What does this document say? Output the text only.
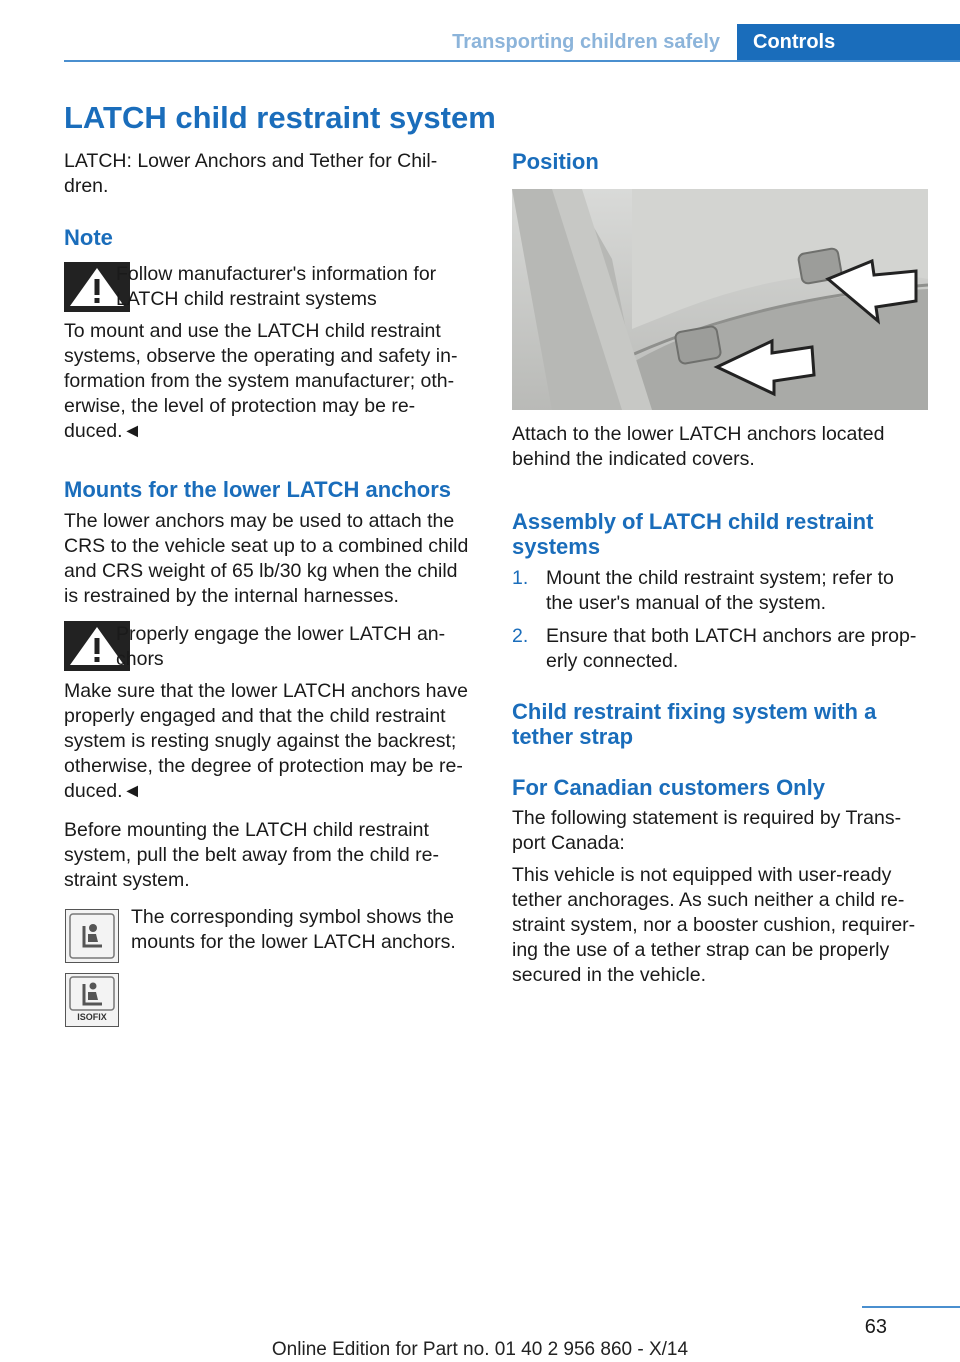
Transporting children safely Controls
LATCH child restraint system

LATCH: Lower Anchors and Tether for Chil-
dren.

Note

Follow manufacturer's information for
LATCH child restraint systems

To mount and use the LATCH child restraint
systems, observe the operating and safety in-
formation from the system manufacturer; oth-
erwise, the level of protection may be re-
duced.◄

Mounts for the lower LATCH anchors

The lower anchors may be used to attach the
CRS to the vehicle seat up to a combined child
and CRS weight of 65 lb/30 kg when the child
is restrained by the internal harnesses.

Properly engage the lower LATCH an-
chors

Make sure that the lower LATCH anchors have
properly engaged and that the child restraint
system is resting snugly against the backrest;
otherwise, the degree of protection may be re-
duced.◄

Before mounting the LATCH child restraint
system, pull the belt away from the child re-
straint system.

The corresponding symbol shows the
mounts for the lower LATCH anchors.

ISOFIX

Position

Attach to the lower LATCH anchors located
behind the indicated covers.

Assembly of LATCH child restraint
systems

1. Mount the child restraint system; refer to
the user's manual of the system.

2. Ensure that both LATCH anchors are prop-
erly connected.

Child restraint fixing system with a
tether strap

For Canadian customers Only

The following statement is required by Trans-
port Canada:

This vehicle is not equipped with user-ready
tether anchorages. As such neither a child re-
straint system, nor a booster cushion, requirer-
ing the use of a tether strap can be properly
secured in the vehicle.

63
Online Edition for Part no. 01 40 2 956 860 - X/14
